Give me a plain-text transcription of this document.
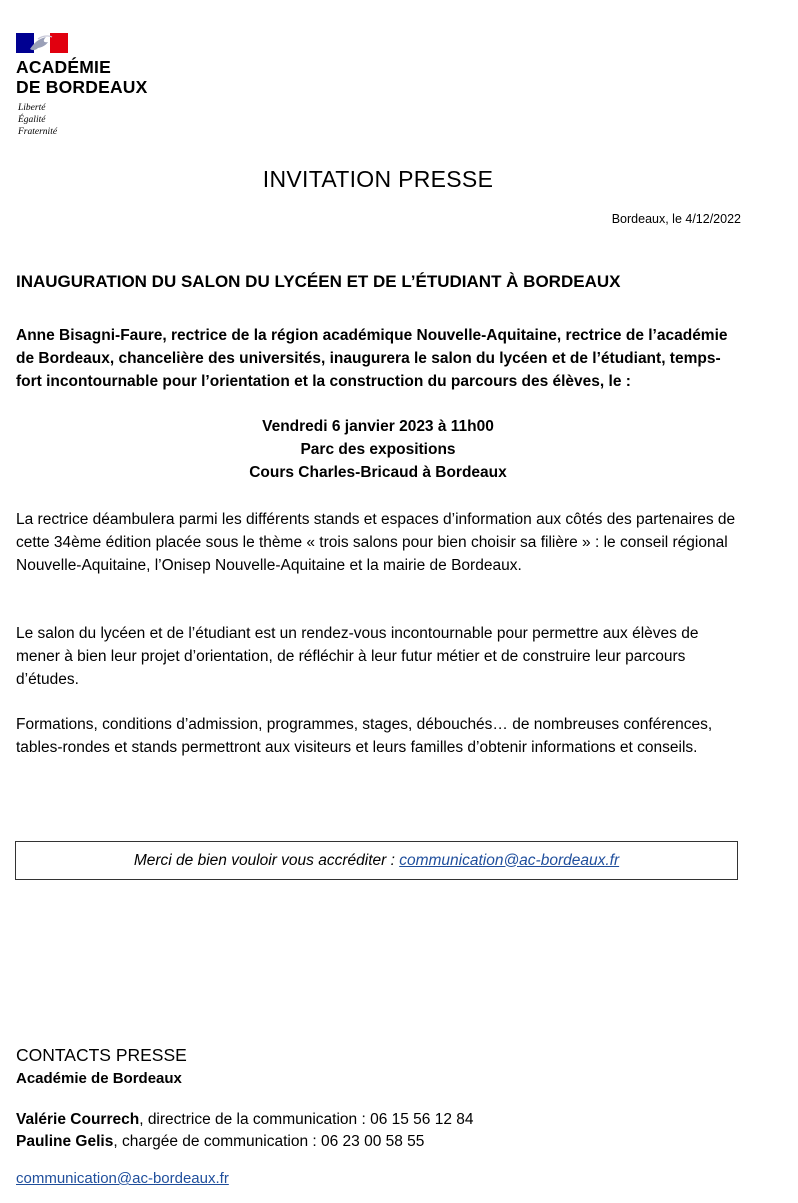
ACADÉMIE
DE BORDEAUX
Liberté
Égalité
Fraternité
INVITATION PRESSE
Bordeaux, le 4/12/2022
INAUGURATION DU SALON DU LYCÉEN ET DE L’ÉTUDIANT À BORDEAUX
Anne Bisagni-Faure, rectrice de la région académique Nouvelle-Aquitaine, rectrice de l’académie de Bordeaux, chancelière des universités, inaugurera le salon du lycéen et de l’étudiant, temps-fort incontournable pour l’orientation et la construction du parcours des élèves, le :
Vendredi 6 janvier 2023 à 11h00
Parc des expositions
Cours Charles-Bricaud à Bordeaux
La rectrice déambulera parmi les différents stands et espaces d’information aux côtés des partenaires de cette 34ème édition placée sous le thème « trois salons pour bien choisir sa filière » : le conseil régional Nouvelle-Aquitaine, l’Onisep Nouvelle-Aquitaine et la mairie de Bordeaux.
Le salon du lycéen et de l’étudiant est un rendez-vous incontournable pour permettre aux élèves de mener à bien leur projet d’orientation, de réfléchir à leur futur métier et de construire leur parcours d’études.
Formations, conditions d’admission, programmes, stages, débouchés… de nombreuses conférences, tables-rondes et stands permettront aux visiteurs et leurs familles d’obtenir informations et conseils.
Merci de bien vouloir vous accréditer : communication@ac-bordeaux.fr
CONTACTS PRESSE
Académie de Bordeaux
Valérie Courrech, directrice de la communication : 06 15 56 12 84
Pauline Gelis, chargée de communication : 06 23 00 58 55
communication@ac-bordeaux.fr
